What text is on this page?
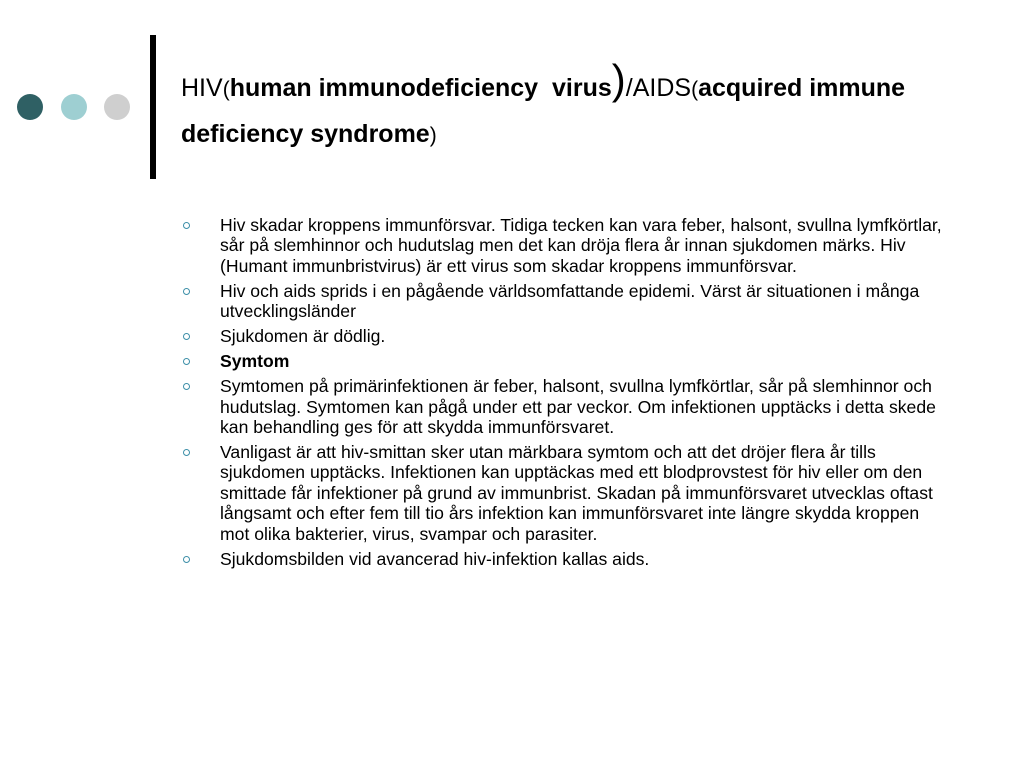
HIV(human immunodeficiency virus)/AIDS(acquired immune deficiency syndrome)
Hiv skadar kroppens immunförsvar. Tidiga tecken kan vara feber, halsont, svullna lymfkörtlar, sår på slemhinnor och hudutslag men det kan dröja flera år innan sjukdomen märks. Hiv (Humant immunbristvirus) är ett virus som skadar kroppens immunförsvar.
Hiv och aids sprids i en pågående världsomfattande epidemi. Värst är situationen i många utvecklingsländer
Sjukdomen är dödlig.
Symtom
Symtomen på primärinfektionen är feber, halsont, svullna lymfkörtlar, sår på slemhinnor och hudutslag. Symtomen kan pågå under ett par veckor. Om infektionen upptäcks i detta skede kan behandling ges för att skydda immunförsvaret.
Vanligast är att hiv-smittan sker utan märkbara symtom och att det dröjer flera år tills sjukdomen upptäcks. Infektionen kan upptäckas med ett blodprovstest för hiv eller om den smittade får infektioner på grund av immunbrist. Skadan på immunförsvaret utvecklas oftast långsamt och efter fem till tio års infektion kan immunförsvaret inte längre skydda kroppen mot olika bakterier, virus, svampar och parasiter.
Sjukdomsbilden vid avancerad hiv-infektion kallas aids.
